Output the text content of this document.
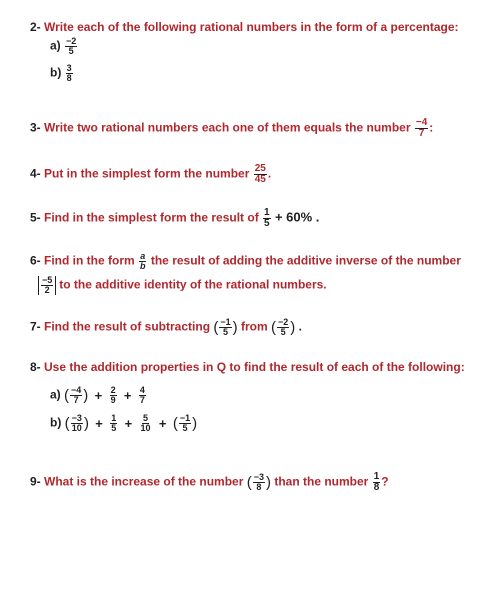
2- Write each of the following rational numbers in the form of a percentage:
$a) \frac{-2}{5}$
$b) \frac{3}{8}$
3- Write two rational numbers each one of them equals the number $\frac{-4}{7}$ :
4- Put in the simplest form the number $\frac{25}{45}$ .
5- Find in the simplest form the result of $\frac{1}{5} + 60\%$ .
6- Find in the form $\frac{a}{b}$ the result of adding the additive inverse of the number
$\frac{-5}{2}$ to the additive identity of the rational numbers.
7- Find the result of subtracting ( $\frac{-1}{5}$ ) from ( $\frac{-2}{5}$ ) .
8- Use the addition properties in Q to find the result of each of the following:
a) ( $\frac{-4}{7}$ ) + $\frac{2}{9} + \frac{4}{7}$
b) ( $\frac{-3}{10}$ ) + $\frac{1}{5} + \frac{5}{10}$ + ( $\frac{-1}{5}$ )
9- What is the increase of the number ( $\frac{-3}{8}$ ) than the number $\frac{1}{8}$ ?
